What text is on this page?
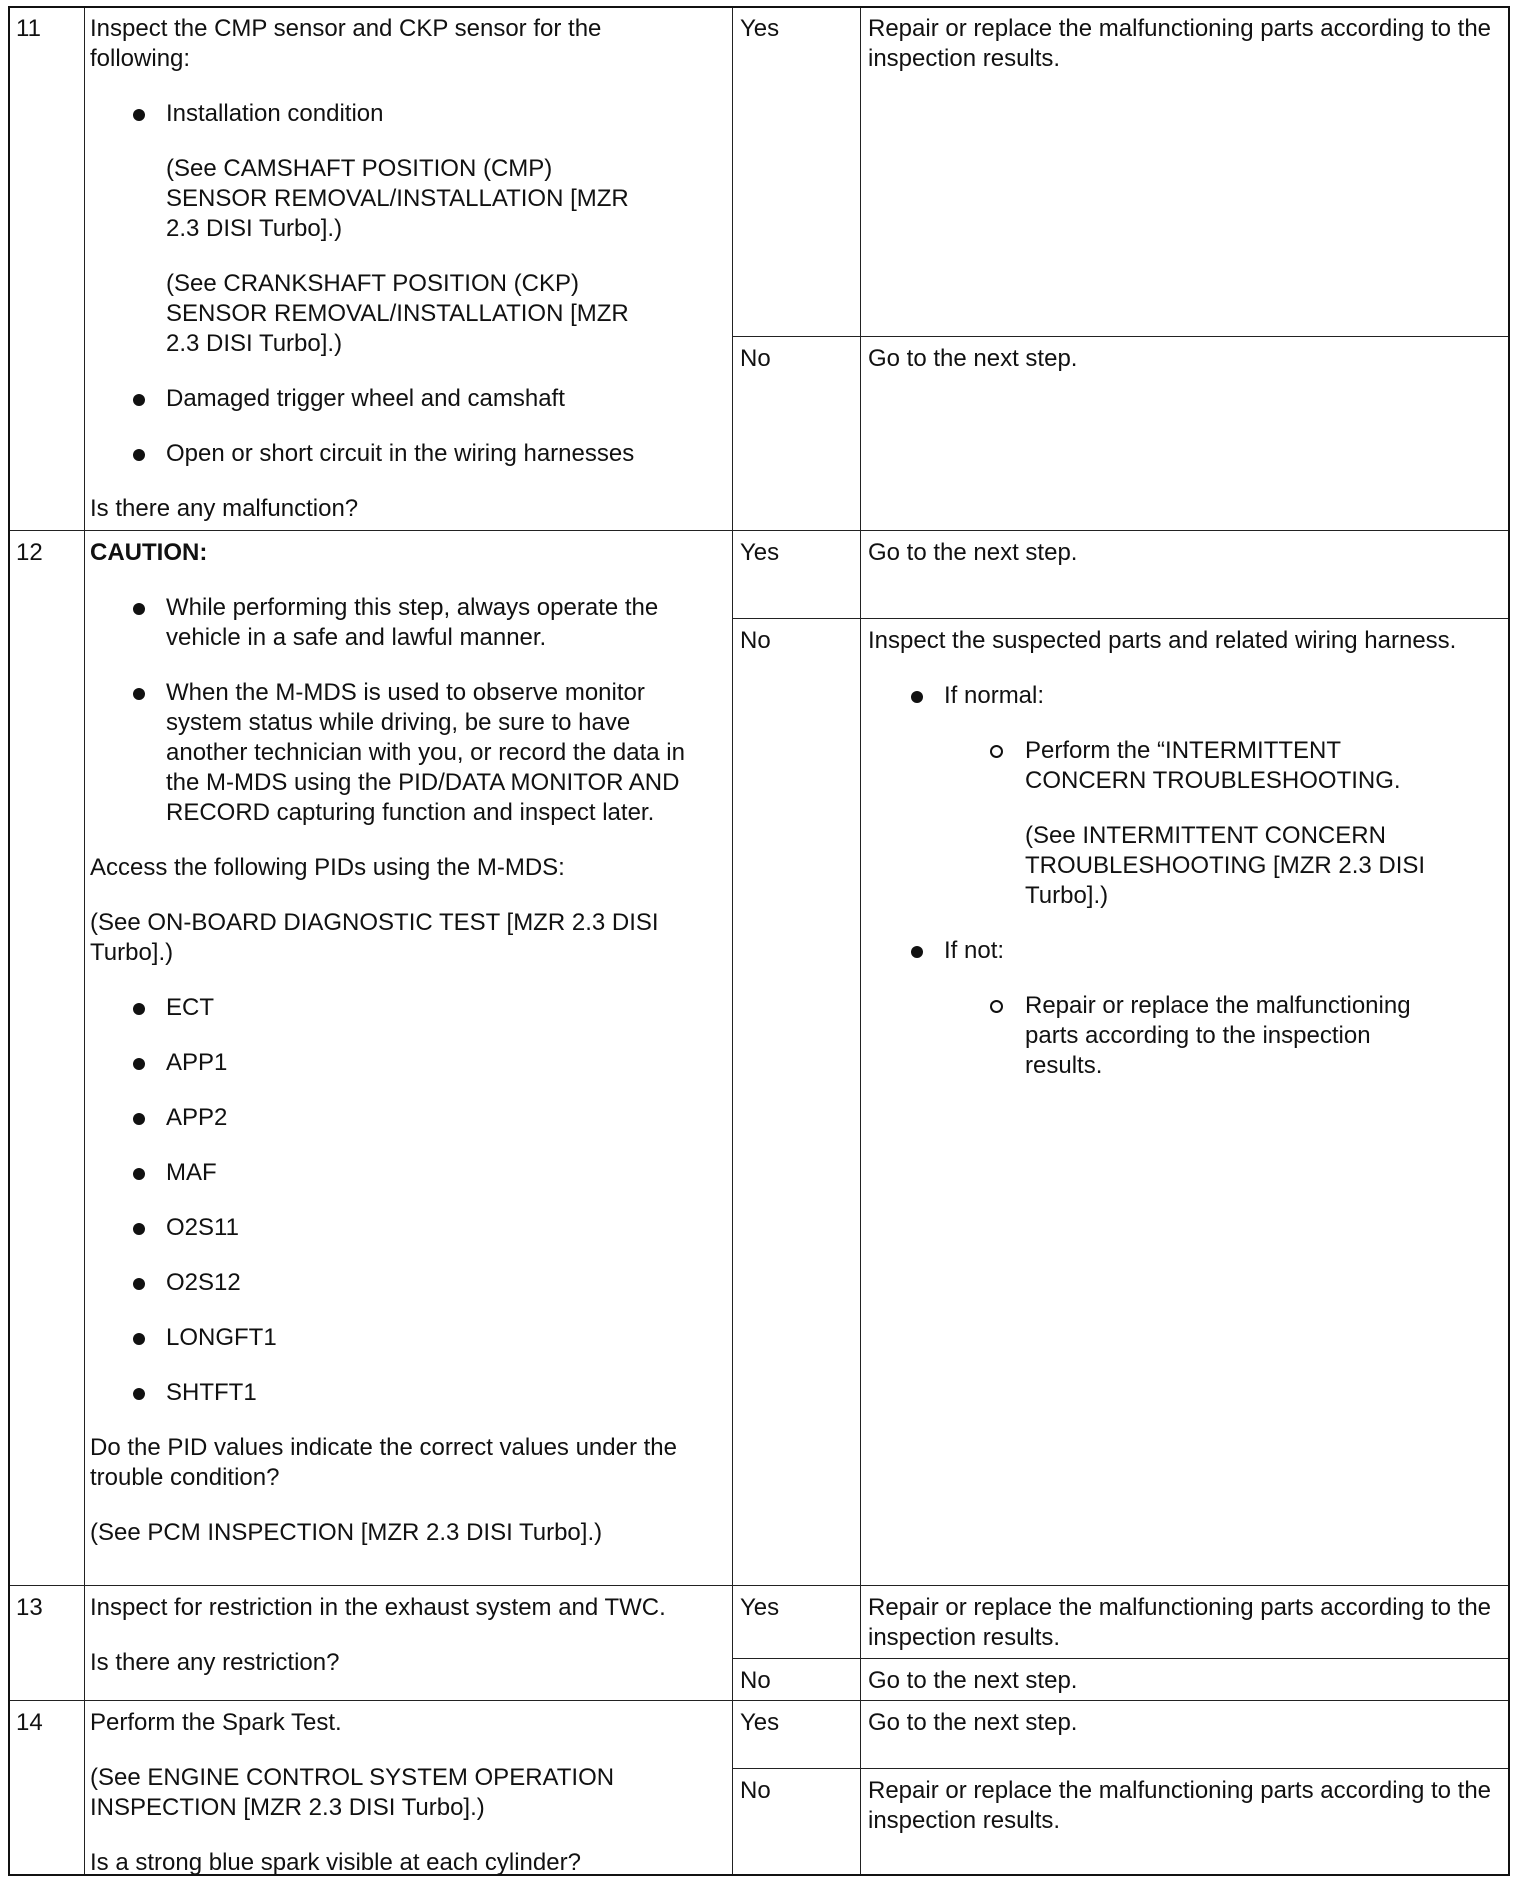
11 Inspect the CMP sensor and CKP sensor for the following:

Installation condition

(See CAMSHAFT POSITION (CMP) SENSOR REMOVAL/INSTALLATION [MZR 2.3 DISI Turbo].)

(See CRANKSHAFT POSITION (CKP) SENSOR REMOVAL/INSTALLATION [MZR 2.3 DISI Turbo].)

Damaged trigger wheel and camshaft
Open or short circuit in the wiring harnesses

Is there any malfunction?

Yes	Repair or replace the malfunctioning parts according to the inspection results.
No	Go to the next step.
12 CAUTION:

While performing this step, always operate the vehicle in a safe and lawful manner.
When the M-MDS is used to observe monitor system status while driving, be sure to have another technician with you, or record the data in the M-MDS using the PID/DATA MONITOR AND RECORD capturing function and inspect later.

Access the following PIDs using the M-MDS:

(See ON-BOARD DIAGNOSTIC TEST [MZR 2.3 DISI Turbo].)

ECT
APP1
APP2
MAF
O2S11
O2S12
LONGFT1
SHTFT1

Do the PID values indicate the correct values under the trouble condition?

(See PCM INSPECTION [MZR 2.3 DISI Turbo].)

Yes	Go to the next step.
No	Inspect the suspected parts and related wiring harness.

If normal:
Perform the “INTERMITTENT CONCERN TROUBLESHOOTING.

(See INTERMITTENT CONCERN TROUBLESHOOTING [MZR 2.3 DISI Turbo].)

If not:
Repair or replace the malfunctioning parts according to the inspection results.
13 Inspect for restriction in the exhaust system and TWC.

Is there any restriction?

Yes	Repair or replace the malfunctioning parts according to the inspection results.
No	Go to the next step.
14 Perform the Spark Test.

(See ENGINE CONTROL SYSTEM OPERATION INSPECTION [MZR 2.3 DISI Turbo].)

Is a strong blue spark visible at each cylinder?

Yes	Go to the next step.
No	Repair or replace the malfunctioning parts according to the inspection results.
